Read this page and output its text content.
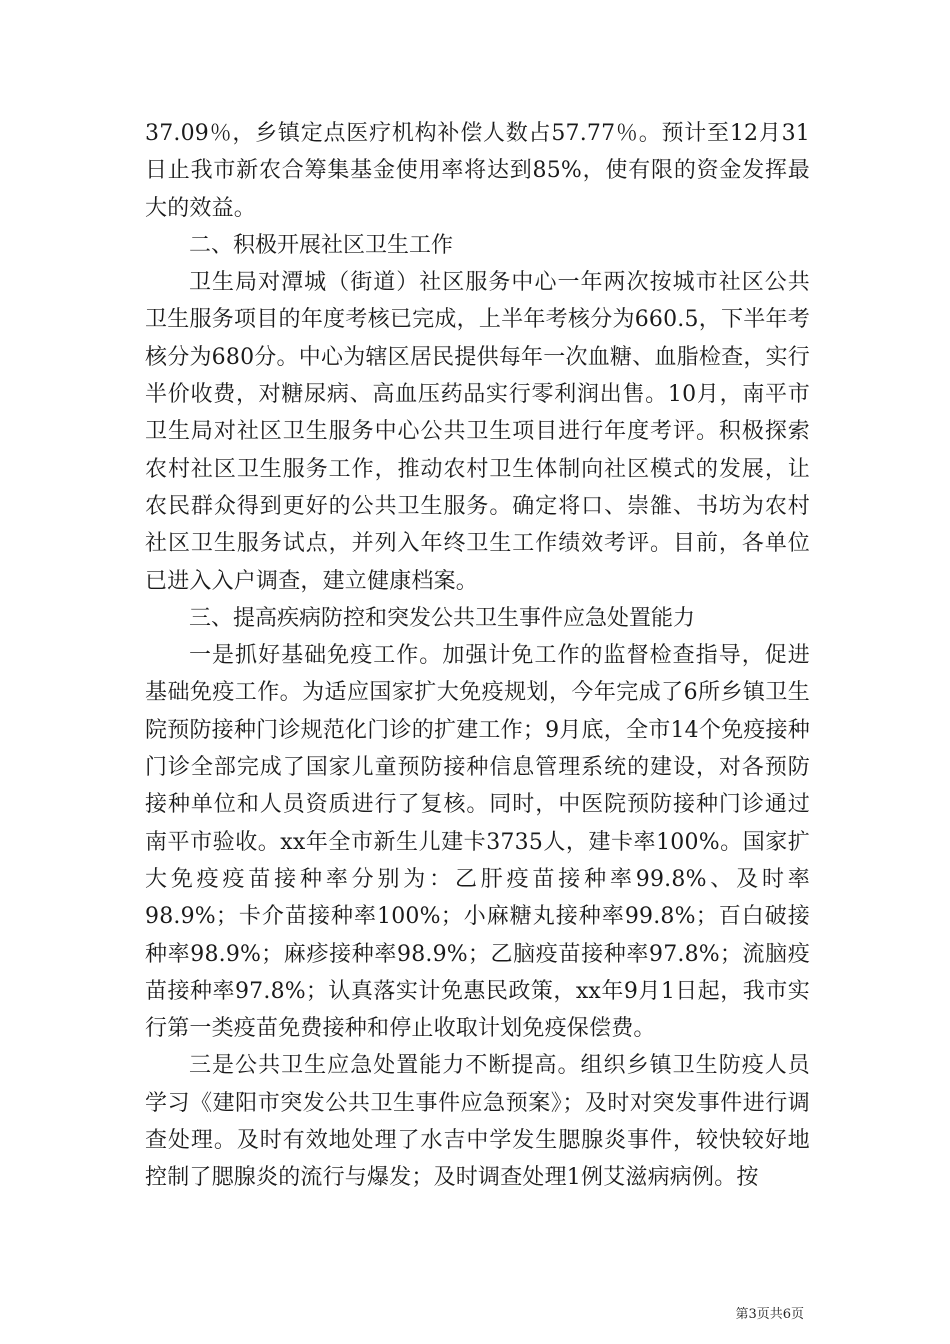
37.09％，乡镇定点医疗机构补偿人数占57.77％。预计至12月31日止我市新农合筹集基金使用率将达到85%，使有限的资金发挥最大的效益。

二、积极开展社区卫生工作

卫生局对潭城（街道）社区服务中心一年两次按城市社区公共卫生服务项目的年度考核已完成，上半年考核分为660.5，下半年考核分为680分。中心为辖区居民提供每年一次血糖、血脂检查，实行半价收费，对糖尿病、高血压药品实行零利润出售。10月，南平市卫生局对社区卫生服务中心公共卫生项目进行年度考评。积极探索农村社区卫生服务工作，推动农村卫生体制向社区模式的发展，让农民群众得到更好的公共卫生服务。确定将口、崇雒、书坊为农村社区卫生服务试点，并列入年终卫生工作绩效考评。目前，各单位已进入入户调查，建立健康档案。

三、提高疾病防控和突发公共卫生事件应急处置能力

一是抓好基础免疫工作。加强计免工作的监督检查指导，促进基础免疫工作。为适应国家扩大免疫规划，今年完成了6所乡镇卫生院预防接种门诊规范化门诊的扩建工作；9月底，全市14个免疫接种门诊全部完成了国家儿童预防接种信息管理系统的建设，对各预防接种单位和人员资质进行了复核。同时，中医院预防接种门诊通过南平市验收。xx年全市新生儿建卡3735人，建卡率100%。国家扩大免疫疫苗接种率分别为：乙肝疫苗接种率99.8%、及时率98.9%；卡介苗接种率100%；小麻糖丸接种率99.8%；百白破接种率98.9%；麻疹接种率98.9%；乙脑疫苗接种率97.8%；流脑疫苗接种率97.8%；认真落实计免惠民政策，xx年9月1日起，我市实行第一类疫苗免费接种和停止收取计划免疫保偿费。

三是公共卫生应急处置能力不断提高。组织乡镇卫生防疫人员学习《建阳市突发公共卫生事件应急预案》；及时对突发事件进行调查处理。及时有效地处理了水吉中学发生腮腺炎事件，较快较好地控制了腮腺炎的流行与爆发；及时调查处理1例艾滋病病例。按

第3页共6页
